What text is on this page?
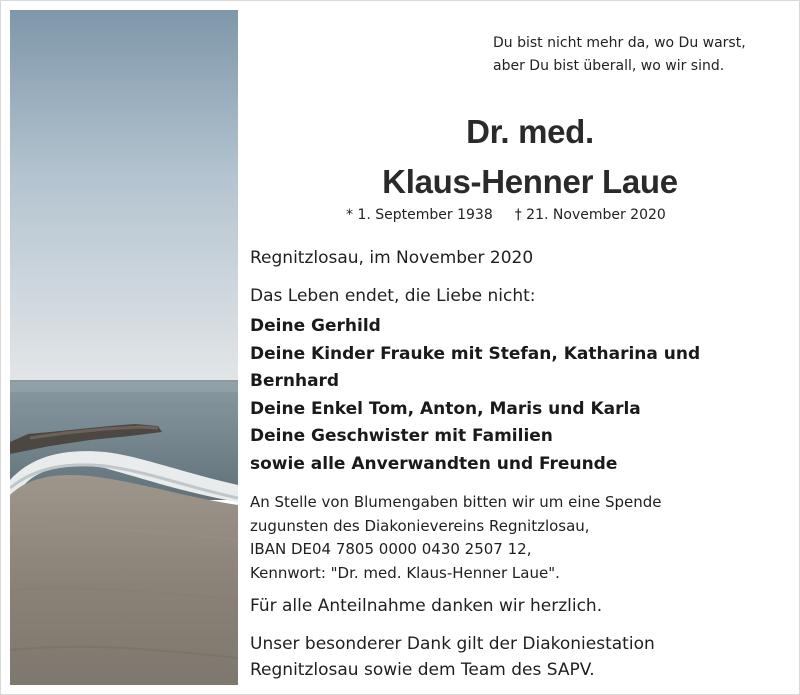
Du bist nicht mehr da, wo Du warst,
aber Du bist überall, wo wir sind.
Dr. med.
Klaus-Henner Laue
* 1. September 1938 † 21. November 2020
Regnitzlosau, im November 2020
Das Leben endet, die Liebe nicht:
Deine Gerhild
Deine Kinder Frauke mit Stefan, Katharina und
Bernhard
Deine Enkel Tom, Anton, Maris und Karla
Deine Geschwister mit Familien
sowie alle Anverwandten und Freunde
An Stelle von Blumengaben bitten wir um eine Spende
zugunsten des Diakonievereins Regnitzlosau,
IBAN DE04 7805 0000 0430 2507 12,
Kennwort: "Dr. med. Klaus-Henner Laue".
Für alle Anteilnahme danken wir herzlich.
Unser besonderer Dank gilt der Diakoniestation
Regnitzlosau sowie dem Team des SAPV.
